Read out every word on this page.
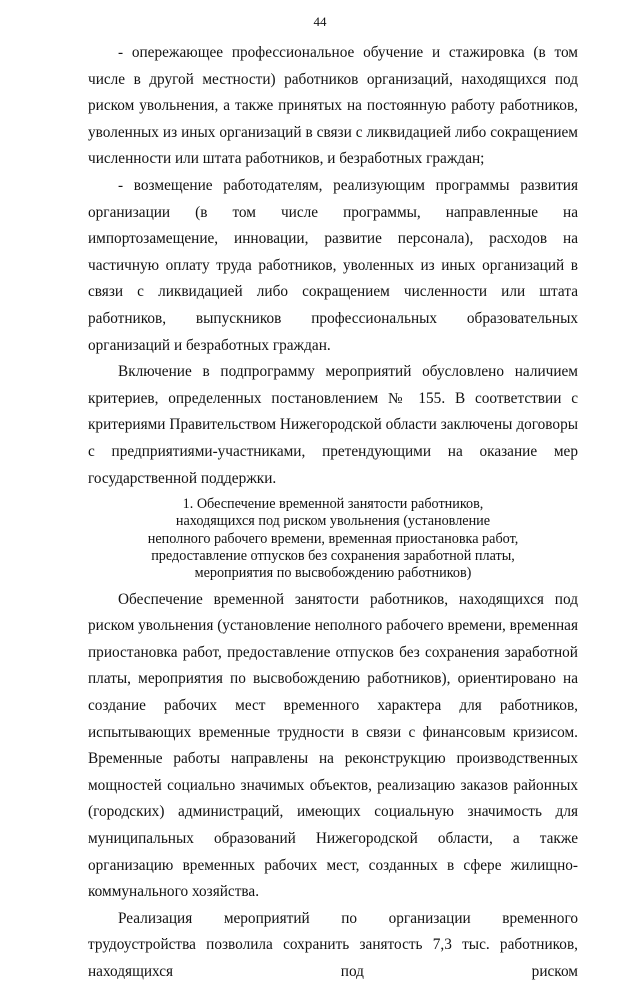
44

- опережающее профессиональное обучение и стажировка (в том числе в другой местности) работников организаций, находящихся под риском увольнения, а также принятых на постоянную работу работников, уволенных из иных организаций в связи с ликвидацией либо сокращением численности или штата работников, и безработных граждан;

- возмещение работодателям, реализующим программы развития организации (в том числе программы, направленные на импортозамещение, инновации, развитие персонала), расходов на частичную оплату труда работников, уволенных из иных организаций в связи с ликвидацией либо сокращением численности или штата работников, выпускников профессиональных образовательных организаций и безработных граждан.

Включение в подпрограмму мероприятий обусловлено наличием критериев, определенных постановлением № 155. В соответствии с критериями Правительством Нижегородской области заключены договоры с предприятиями-участниками, претендующими на оказание мер государственной поддержки.

1. Обеспечение временной занятости работников,
находящихся под риском увольнения (установление
неполного рабочего времени, временная приостановка работ,
предоставление отпусков без сохранения заработной платы,
мероприятия по высвобождению работников)

Обеспечение временной занятости работников, находящихся под риском увольнения (установление неполного рабочего времени, временная приостановка работ, предоставление отпусков без сохранения заработной платы, мероприятия по высвобождению работников), ориентировано на создание рабочих мест временного характера для работников, испытывающих временные трудности в связи с финансовым кризисом. Временные работы направлены на реконструкцию производственных мощностей социально значимых объектов, реализацию заказов районных (городских) администраций, имеющих социальную значимость для муниципальных образований Нижегородской области, а также организацию временных рабочих мест, созданных в сфере жилищно-коммунального хозяйства.

Реализация мероприятий по организации временного трудоустройства позволила сохранить занятость 7,3 тыс. работников, находящихся под риском
